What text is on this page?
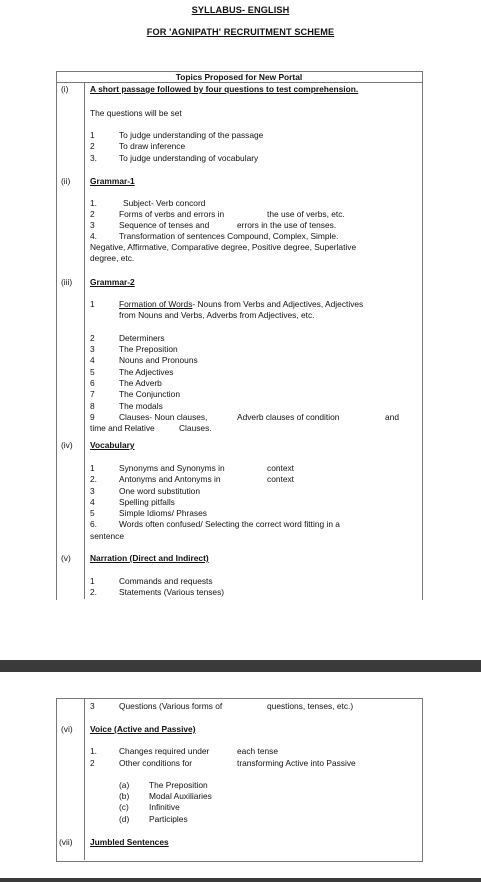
SYLLABUS- ENGLISH
FOR 'AGNIPATH' RECRUITMENT SCHEME
Topics Proposed for New Portal
(i)	A short passage followed by four questions to test comprehension.
The questions will be set
1	To judge understanding of the passage
2	To draw inference
3.	To judge understanding of vocabulary
(ii) Grammar-1
1.	Subject- Verb concord
2	Forms of verbs and errors in	the use of verbs, etc.
3	Sequence of tenses and	errors in the use of tenses.
4.	Transformation of sentences Compound, Complex, Simple.
Negative, Affirmative, Comparative degree, Positive degree, Superlative
degree, etc.
(iii) Grammar-2
1	Formation of Words- Nouns from Verbs and Adjectives, Adjectives
from Nouns and Verbs, Adverbs from Adjectives, etc.
2	Determiners
3	The Preposition
4	Nouns and Pronouns
5	The Adjectives
6	The Adverb
7	The Conjunction
8	The modals
9	Clauses- Noun clauses,	Adverb clauses of condition	and
time and Relative	Clauses.
(iv) Vocabulary
1	Synonyms and Synonyms in	context
2.	Antonyms and Antonyms in	context
3	One word substitution
4	Spelling pitfalls
5	Simple Idioms/ Phrases
6.	Words often confused/ Selecting the correct word fitting in a
sentence
(v) Narration (Direct and Indirect)
1	Commands and requests
2.	Statements (Various tenses)
3	Questions (Various forms of	questions, tenses, etc.)
(vi) Voice (Active and Passive)
1.	Changes required under	each tense
2	Other conditions for	transforming Active into Passive
(a) The Preposition
(b) Modal Auxiliaries
(c) Infinitive
(d) Participles
(vii) Jumbled Sentences
